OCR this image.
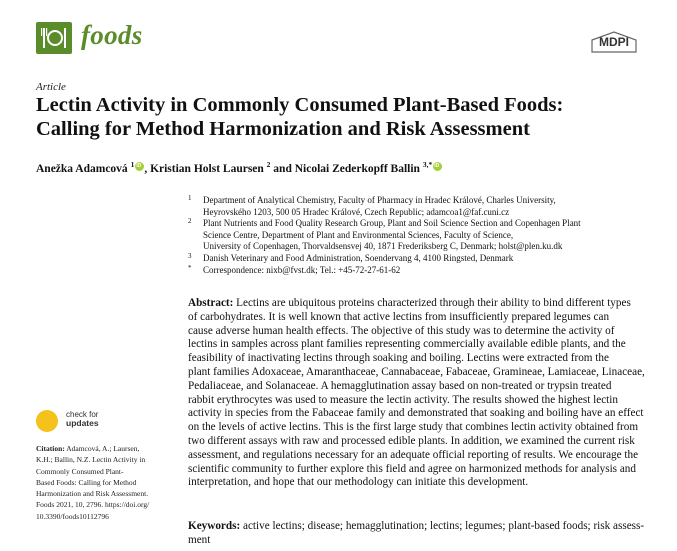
foods	MDPI
Article
Lectin Activity in Commonly Consumed Plant-Based Foods:
Calling for Method Harmonization and Risk Assessment
Anežka Adamcová $^1$iD , Kristian Holst Laursen $^2$ and Nicolai Zederkopff Ballin $^{3,*}$iD
1 Department of Analytical Chemistry, Faculty of Pharmacy in Hradec Králové, Charles University,
Heyrovského 1203, 500 05 Hradec Králové, Czech Republic; adamcoa1@faf.cuni.cz
2 Plant Nutrients and Food Quality Research Group, Plant and Soil Science Section and Copenhagen Plant
Science Centre, Department of Plant and Environmental Sciences, Faculty of Science,
University of Copenhagen, Thorvaldsensvej 40, 1871 Frederiksberg C, Denmark; holst@plen.ku.dk
3 Danish Veterinary and Food Administration, Soendervang 4, 4100 Ringsted, Denmark
* Correspondence: nixb@fvst.dk; Tel.: +45-72-27-61-62
Abstract: Lectins are ubiquitous proteins characterized through their ability to bind different types
of carbohydrates. It is well known that active lectins from insufficiently prepared legumes can
cause adverse human health effects. The objective of this study was to determine the activity of
lectins in samples across plant families representing commercially available edible plants, and the
feasibility of inactivating lectins through soaking and boiling. Lectins were extracted from the
plant families Adoxaceae, Amaranthaceae, Cannabaceae, Fabaceae, Gramineae, Lamiaceae, Linaceae,
Pedaliaceae, and Solanaceae. A hemagglutination assay based on non-treated or trypsin treated
rabbit erythrocytes was used to measure the lectin activity. The results showed the highest lectin
activity in species from the Fabaceae family and demonstrated that soaking and boiling have an effect
on the levels of active lectins. This is the first large study that combines lectin activity obtained from
two different assays with raw and processed edible plants. In addition, we examined the current risk
assessment, and regulations necessary for an adequate official reporting of results. We encourage the
scientific community to further explore this field and agree on harmonized methods for analysis and
interpretation, and hope that our methodology can initiate this development.

check for
updates
Citation: Adamcová, A.; Laursen,
K.H.; Ballin, N.Z. Lectin Activity in
Commonly Consumed Plant-
Based Foods: Calling for Method
Harmonization and Risk Assessment.
Foods 2021, 10, 2796. https://doi.org/
10.3390/foods10112796
Keywords: active lectins; disease; hemagglutination; lectins; legumes; plant-based foods; risk assess-
ment
